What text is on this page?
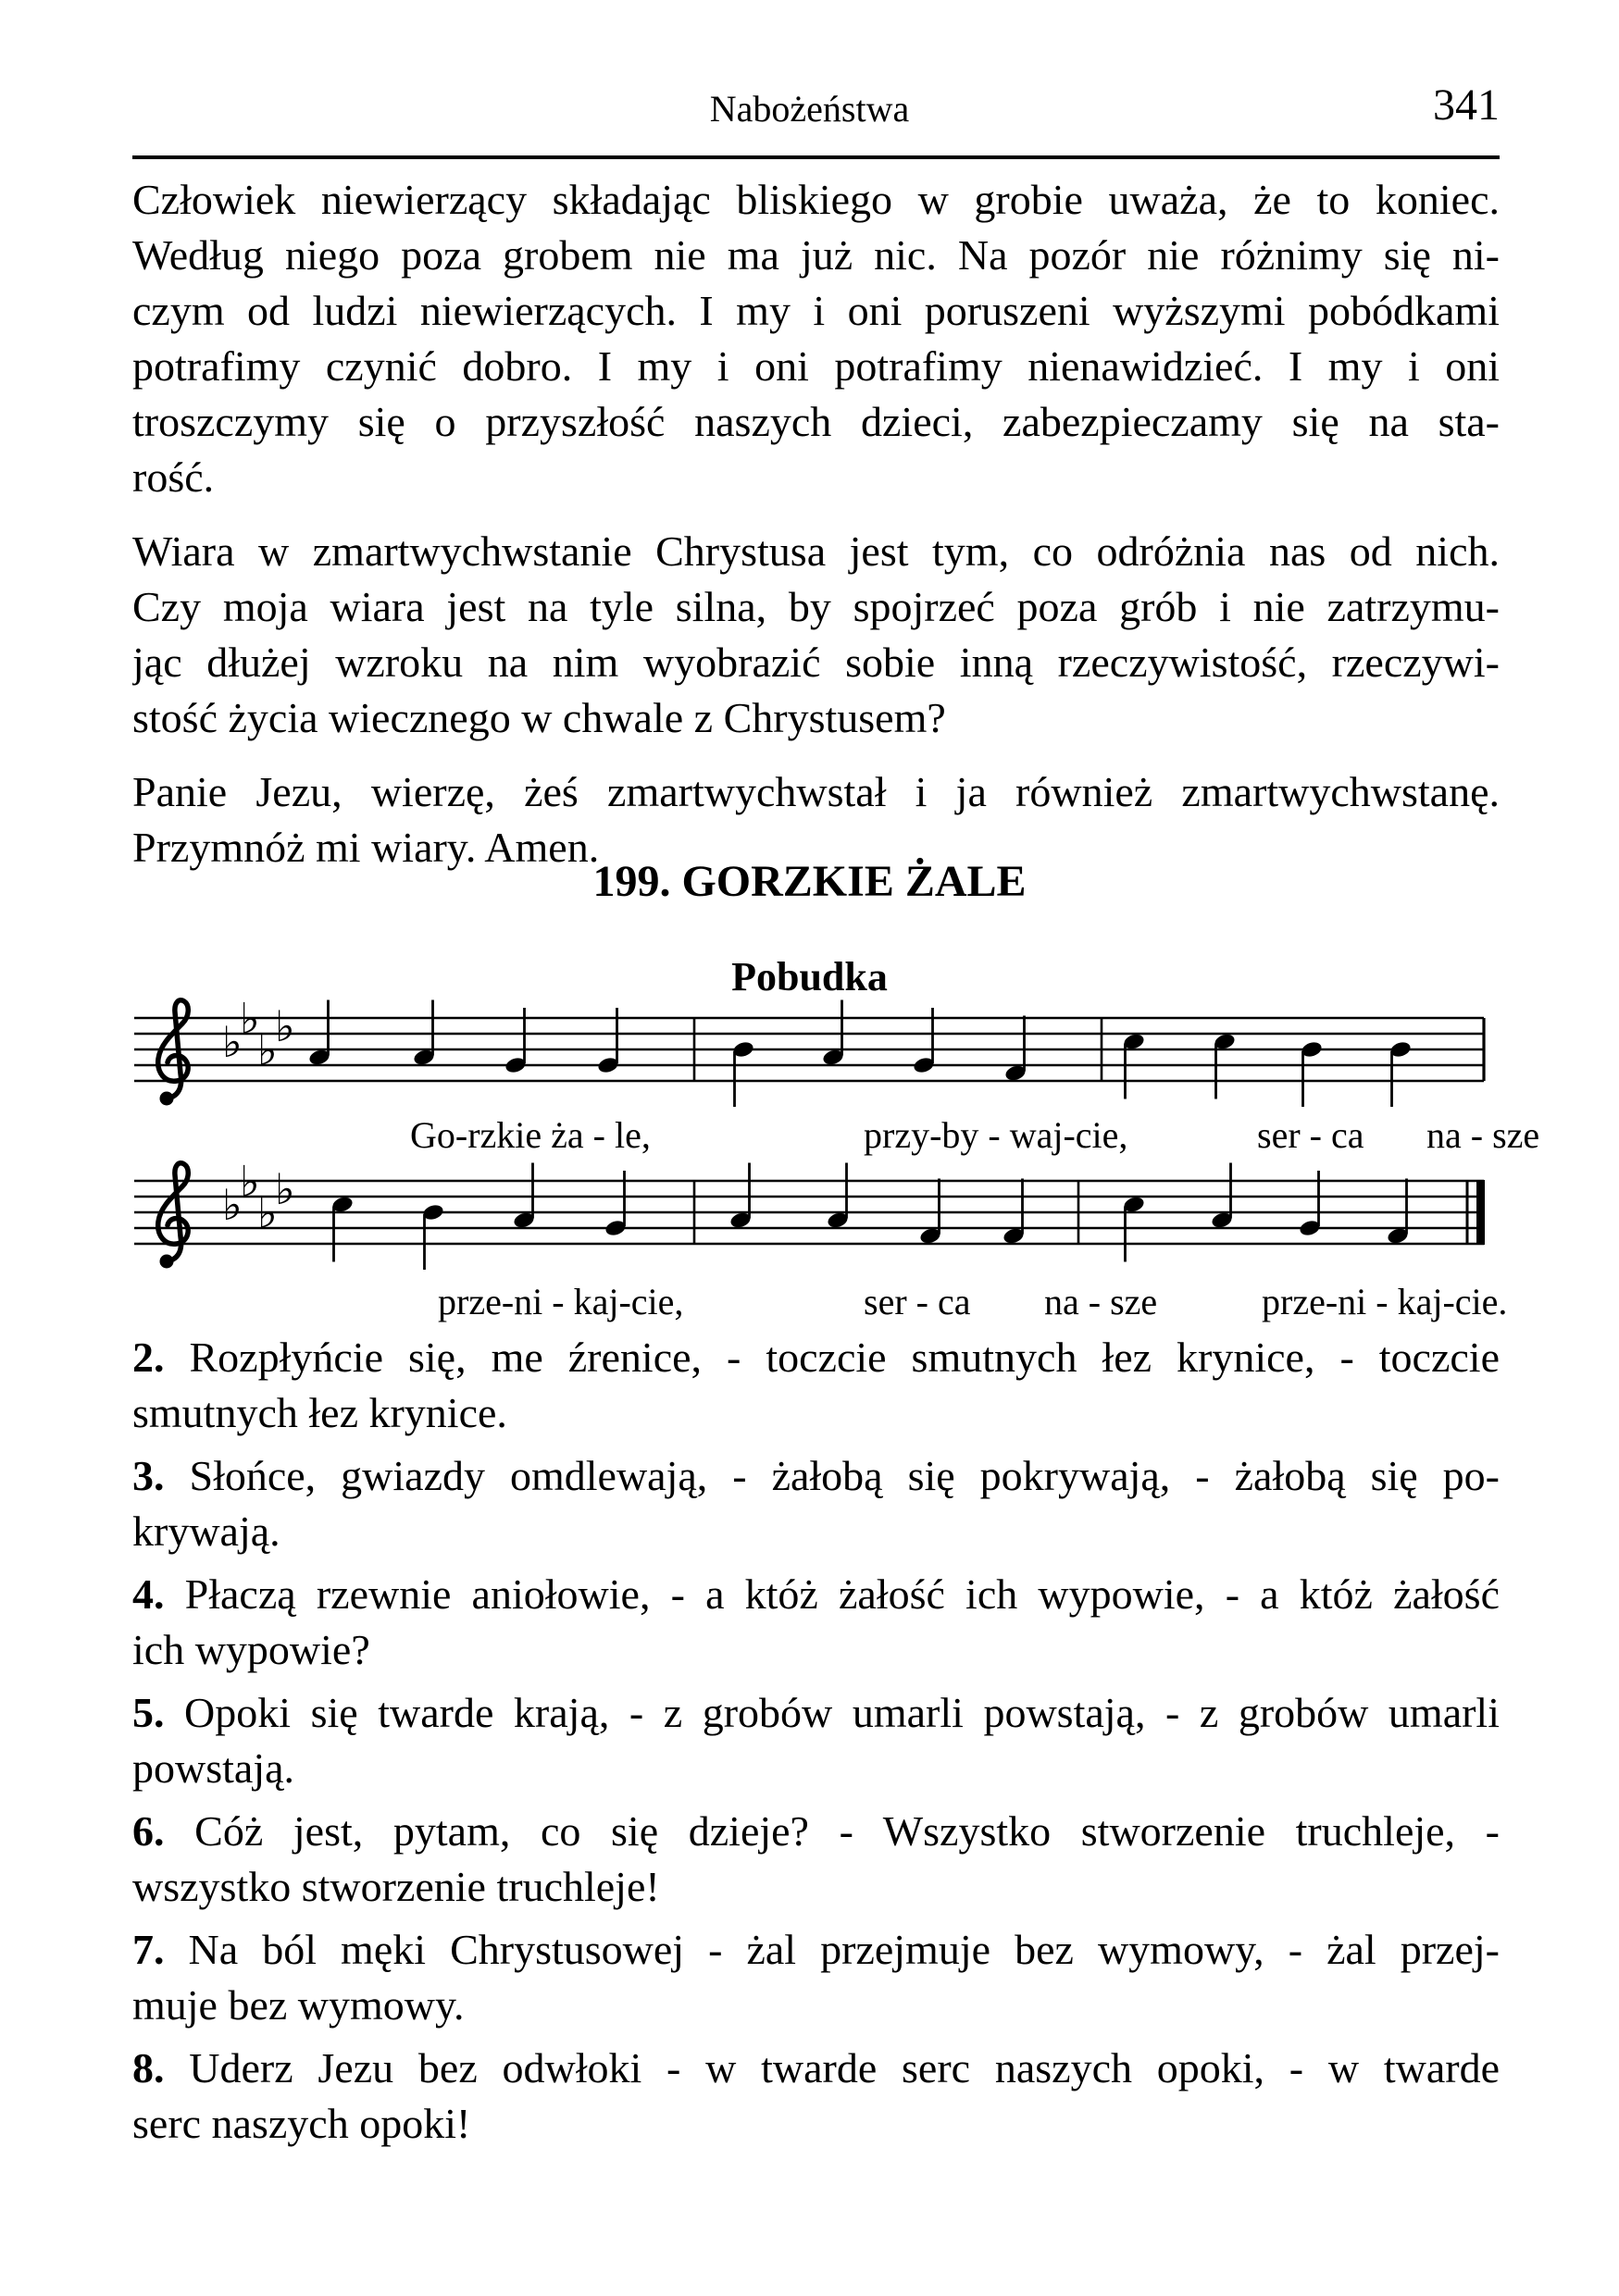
Nabożeństwa	341
Człowiek niewierzący składając bliskiego w grobie uważa, że to koniec.
Według niego poza grobem nie ma już nic. Na pozór nie różnimy się ni-
czym od ludzi niewierzących. I my i oni poruszeni wyższymi pobódkami
potrafimy czynić dobro. I my i oni potrafimy nienawidzieć. I my i oni
troszczymy się o przyszłość naszych dzieci, zabezpieczamy się na sta-
rość.
Wiara w zmartwychwstanie Chrystusa jest tym, co odróżnia nas od nich.
Czy moja wiara jest na tyle silna, by spojrzeć poza grób i nie zatrzymu-
jąc dłużej wzroku na nim wyobrazić sobie inną rzeczywistość, rzeczywi-
stość życia wiecznego w chwale z Chrystusem?
Panie Jezu, wierzę, żeś zmartwychwstał i ja również zmartwychwstanę.
Przymnóż mi wiary. Amen.
199. GORZKIE ŻALE
Pobudka
♭
♭
♭
♭
Go-rzkie ża - le,	przy-by - waj-cie,	ser - ca na - sze
♭
♭
♭
♭
prze-ni - kaj-cie,	ser - ca na - sze	prze-ni - kaj-cie.
2. Rozpłyńcie się, me źrenice, - toczcie smutnych łez krynice, - toczcie
smutnych łez krynice.
3. Słońce, gwiazdy omdlewają, - żałobą się pokrywają, - żałobą się po-
krywają.
4. Płaczą rzewnie aniołowie, - a któż żałość ich wypowie, - a któż żałość
ich wypowie?
5. Opoki się twarde krają, - z grobów umarli powstają, - z grobów umarli
powstają.
6. Cóż jest, pytam, co się dzieje? - Wszystko stworzenie truchleje, -
wszystko stworzenie truchleje!
7. Na ból męki Chrystusowej - żal przejmuje bez wymowy, - żal przej-
muje bez wymowy.
8. Uderz Jezu bez odwłoki - w twarde serc naszych opoki, - w twarde
serc naszych opoki!
